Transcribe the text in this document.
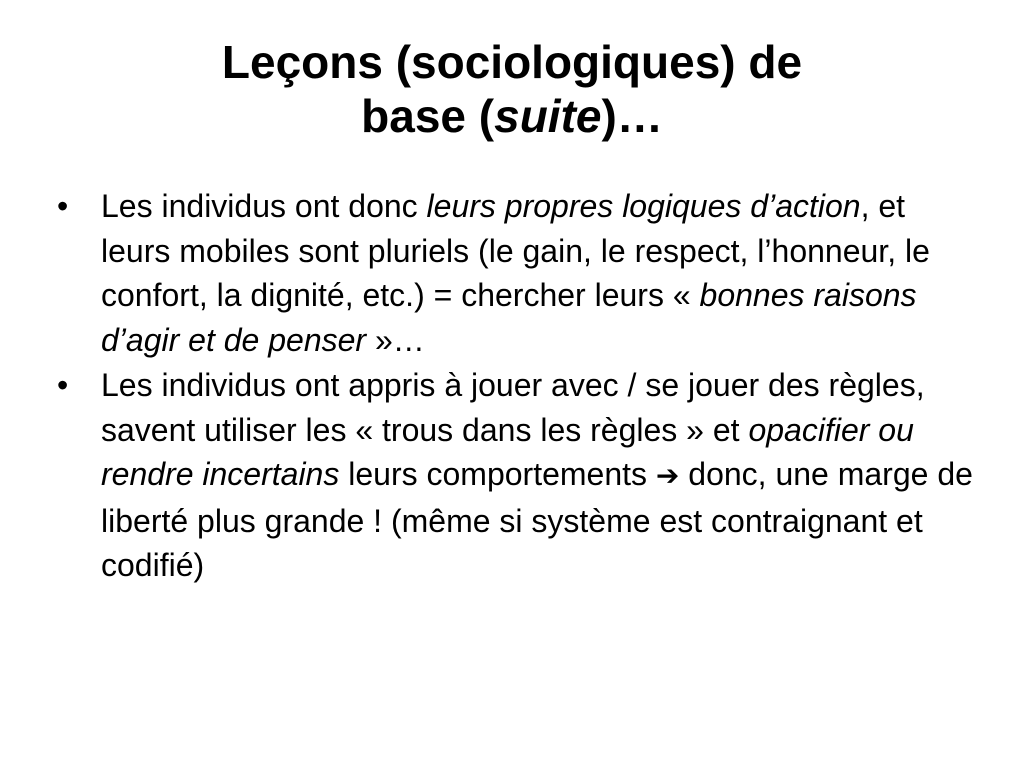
Leçons (sociologiques) de
base (suite)…
• Les individus ont donc leurs propres logiques d’action, et leurs mobiles sont pluriels (le gain, le respect, l’honneur, le confort, la dignité, etc.) = chercher leurs « bonnes raisons d’agir et de penser »…
• Les individus ont appris à jouer avec / se jouer des règles, savent utiliser les « trous dans les règles » et opacifier ou rendre incertains leurs comportements ➔ donc, une marge de liberté plus grande ! (même si système est contraignant et codifié)
